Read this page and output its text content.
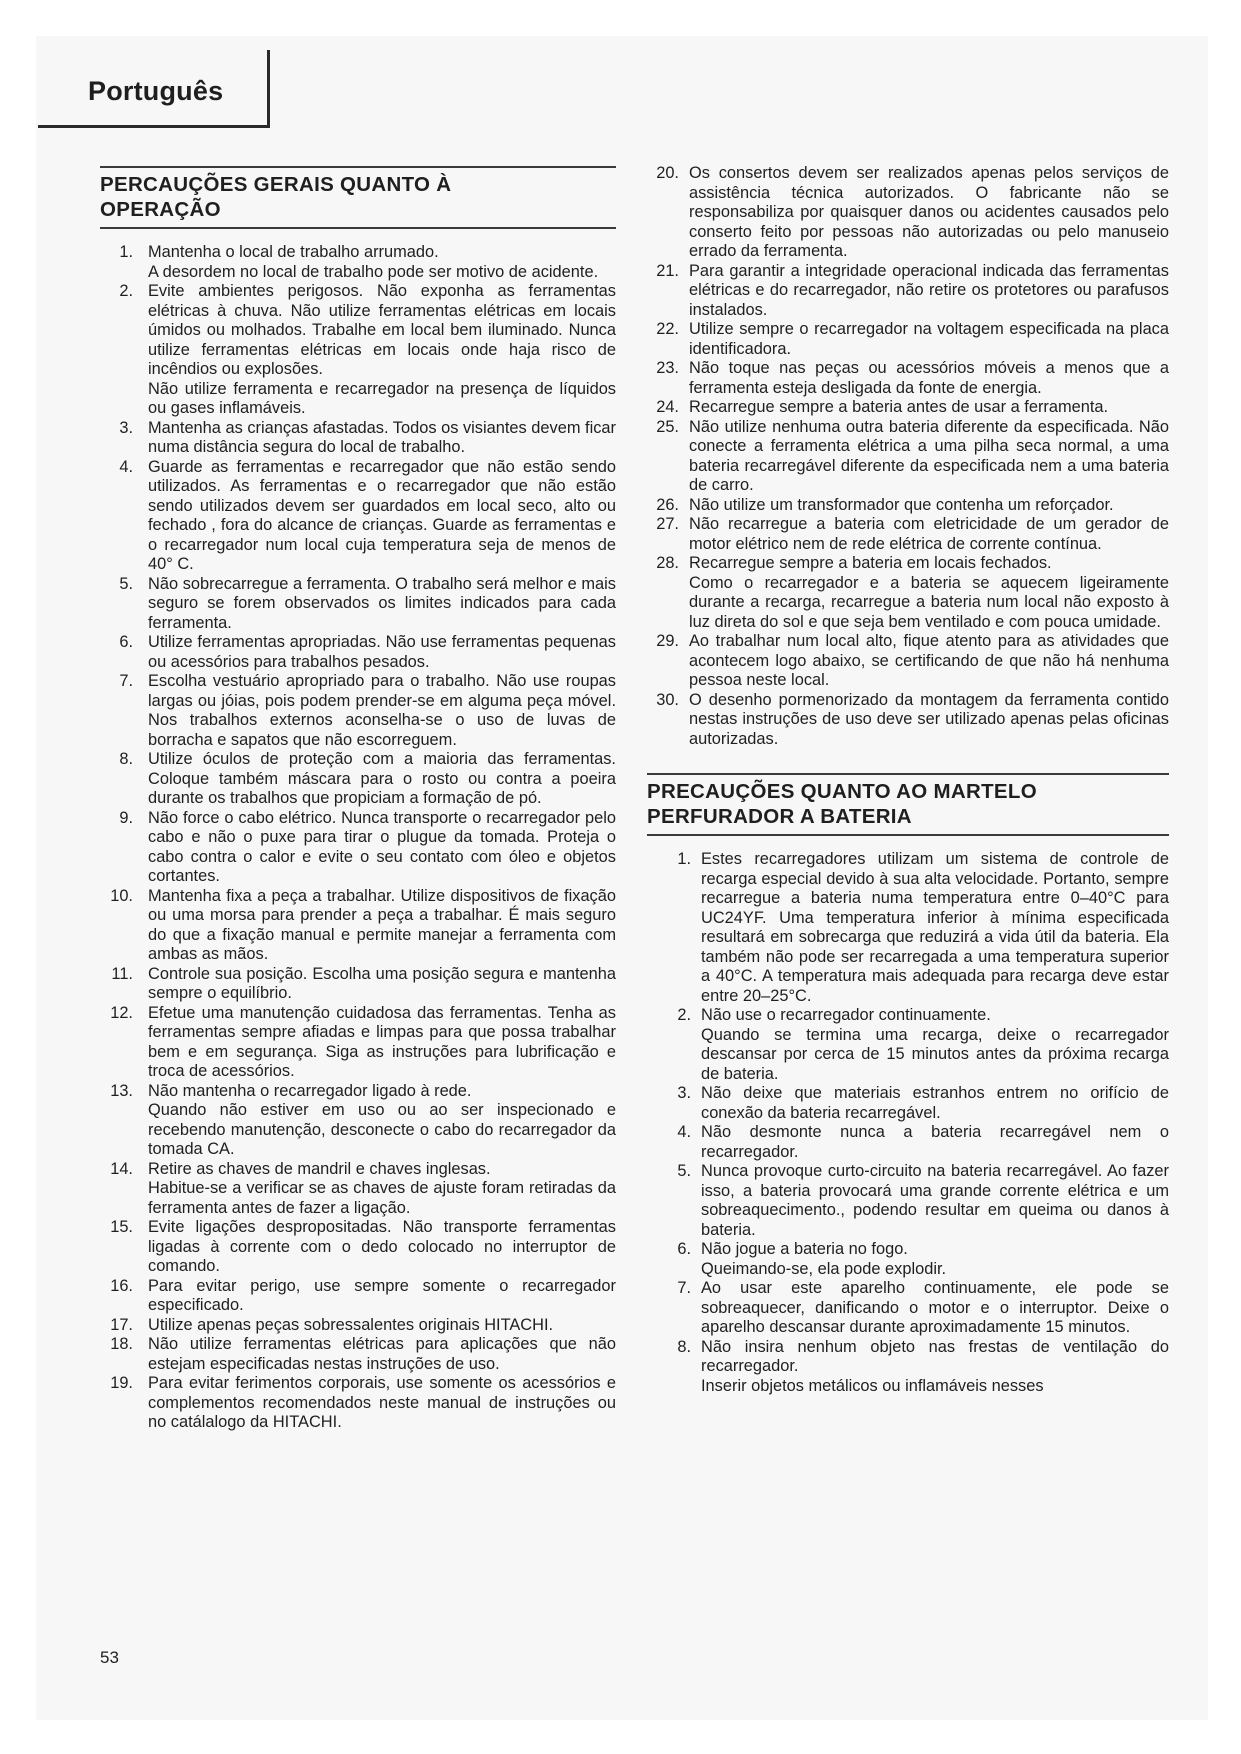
Português
PERCAUÇÕES GERAIS QUANTO À
OPERAÇÃO
1. Mantenha o local de trabalho arrumado.
A desordem no local de trabalho pode ser motivo de acidente.
2. Evite ambientes perigosos. Não exponha as ferramentas elétricas à chuva. Não utilize ferramentas elétricas em locais úmidos ou molhados. Trabalhe em local bem iluminado. Nunca utilize ferramentas elétricas em locais onde haja risco de incêndios ou explosões.
Não utilize ferramenta e recarregador na presença de líquidos ou gases inflamáveis.
3. Mantenha as crianças afastadas. Todos os visiantes devem ficar numa distância segura do local de trabalho.
4. Guarde as ferramentas e recarregador que não estão sendo utilizados. As ferramentas e o recarregador que não estão sendo utilizados devem ser guardados em local seco, alto ou fechado , fora do alcance de crianças. Guarde as ferramentas e o recarregador num local cuja temperatura seja de menos de 40° C.
5. Não sobrecarregue a ferramenta. O trabalho será melhor e mais seguro se forem observados os limites indicados para cada ferramenta.
6. Utilize ferramentas apropriadas. Não use ferramentas pequenas ou acessórios para trabalhos pesados.
7. Escolha vestuário apropriado para o trabalho. Não use roupas largas ou jóias, pois podem prender-se em alguma peça móvel. Nos trabalhos externos aconselha-se o uso de luvas de borracha e sapatos que não escorreguem.
8. Utilize óculos de proteção com a maioria das ferramentas. Coloque também máscara para o rosto ou contra a poeira durante os trabalhos que propiciam a formação de pó.
9. Não force o cabo elétrico. Nunca transporte o recarregador pelo cabo e não o puxe para tirar o plugue da tomada. Proteja o cabo contra o calor e evite o seu contato com óleo e objetos cortantes.
10. Mantenha fixa a peça a trabalhar. Utilize dispositivos de fixação ou uma morsa para prender a peça a trabalhar. É mais seguro do que a fixação manual e permite manejar a ferramenta com ambas as mãos.
11. Controle sua posição. Escolha uma posição segura e mantenha sempre o equilíbrio.
12. Efetue uma manutenção cuidadosa das ferramentas. Tenha as ferramentas sempre afiadas e limpas para que possa trabalhar bem e em segurança. Siga as instruções para lubrificação e troca de acessórios.
13. Não mantenha o recarregador ligado à rede.
Quando não estiver em uso ou ao ser inspecionado e recebendo manutenção, desconecte o cabo do recarregador da tomada CA.
14. Retire as chaves de mandril e chaves inglesas.
Habitue-se a verificar se as chaves de ajuste foram retiradas da ferramenta antes de fazer a ligação.
15. Evite ligações despropositadas. Não transporte ferramentas ligadas à corrente com o dedo colocado no interruptor de comando.
16. Para evitar perigo, use sempre somente o recarregador especificado.
17. Utilize apenas peças sobressalentes originais HITACHI.
18. Não utilize ferramentas elétricas para aplicações que não estejam especificadas nestas instruções de uso.
19. Para evitar ferimentos corporais, use somente os acessórios e complementos recomendados neste manual de instruções ou no catálalogo da HITACHI.
20. Os consertos devem ser realizados apenas pelos serviços de assistência técnica autorizados. O fabricante não se responsabiliza por quaisquer danos ou acidentes causados pelo conserto feito por pessoas não autorizadas ou pelo manuseio errado da ferramenta.
21. Para garantir a integridade operacional indicada das ferramentas elétricas e do recarregador, não retire os protetores ou parafusos instalados.
22. Utilize sempre o recarregador na voltagem especificada na placa identificadora.
23. Não toque nas peças ou acessórios móveis a menos que a ferramenta esteja desligada da fonte de energia.
24. Recarregue sempre a bateria antes de usar a ferramenta.
25. Não utilize nenhuma outra bateria diferente da especificada. Não conecte a ferramenta elétrica a uma pilha seca normal, a uma bateria recarregável diferente da especificada nem a uma bateria de carro.
26. Não utilize um transformador que contenha um reforçador.
27. Não recarregue a bateria com eletricidade de um gerador de motor elétrico nem de rede elétrica de corrente contínua.
28. Recarregue sempre a bateria em locais fechados.
Como o recarregador e a bateria se aquecem ligeiramente durante a recarga, recarregue a bateria num local não exposto à luz direta do sol e que seja bem ventilado e com pouca umidade.
29. Ao trabalhar num local alto, fique atento para as atividades que acontecem logo abaixo, se certificando de que não há nenhuma pessoa neste local.
30. O desenho pormenorizado da montagem da ferramenta contido nestas instruções de uso deve ser utilizado apenas pelas oficinas autorizadas.
PRECAUÇÕES QUANTO AO MARTELO
PERFURADOR A BATERIA
1. Estes recarregadores utilizam um sistema de controle de recarga especial devido à sua alta velocidade. Portanto, sempre recarregue a bateria numa temperatura entre 0–40°C para UC24YF. Uma temperatura inferior à mínima especificada resultará em sobrecarga que reduzirá a vida útil da bateria. Ela também não pode ser recarregada a uma temperatura superior a 40°C. A temperatura mais adequada para recarga deve estar entre 20–25°C.
2. Não use o recarregador continuamente.
Quando se termina uma recarga, deixe o recarregador descansar por cerca de 15 minutos antes da próxima recarga de bateria.
3. Não deixe que materiais estranhos entrem no orifício de conexão da bateria recarregável.
4. Não desmonte nunca a bateria recarregável nem o recarregador.
5. Nunca provoque curto-circuito na bateria recarregável. Ao fazer isso, a bateria provocará uma grande corrente elétrica e um sobreaquecimento., podendo resultar em queima ou danos à bateria.
6. Não jogue a bateria no fogo.
Queimando-se, ela pode explodir.
7. Ao usar este aparelho continuamente, ele pode se sobreaquecer, danificando o motor e o interruptor. Deixe o aparelho descansar durante aproximadamente 15 minutos.
8. Não insira nenhum objeto nas frestas de ventilação do recarregador.
Inserir objetos metálicos ou inflamáveis nesses
53
